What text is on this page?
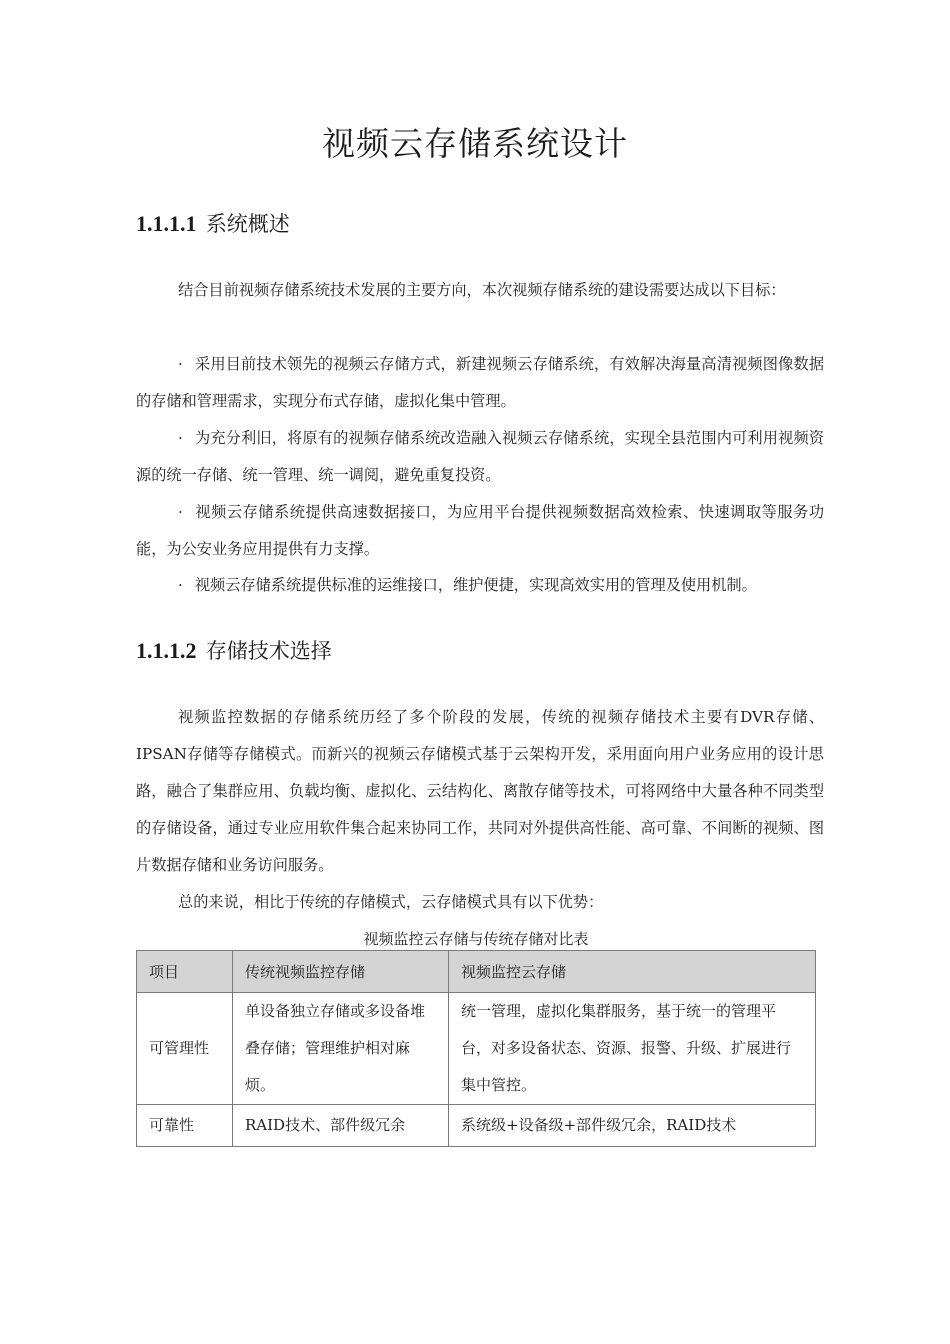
视频云存储系统设计
1.1.1.1 系统概述

结合目前视频存储系统技术发展的主要方向，本次视频存储系统的建设需要达成以下目标：

· 采用目前技术领先的视频云存储方式，新建视频云存储系统，有效解决海量高清视频图像数据的存储和管理需求，实现分布式存储，虚拟化集中管理。

· 为充分利旧，将原有的视频存储系统改造融入视频云存储系统，实现全县范围内可利用视频资源的统一存储、统一管理、统一调阅，避免重复投资。

· 视频云存储系统提供高速数据接口，为应用平台提供视频数据高效检索、快速调取等服务功能，为公安业务应用提供有力支撑。

· 视频云存储系统提供标准的运维接口，维护便捷，实现高效实用的管理及使用机制。

1.1.1.2 存储技术选择

视频监控数据的存储系统历经了多个阶段的发展，传统的视频存储技术主要有DVR存储、IPSAN存储等存储模式。而新兴的视频云存储模式基于云架构开发，采用面向用户业务应用的设计思路，融合了集群应用、负载均衡、虚拟化、云结构化、离散存储等技术，可将网络中大量各种不同类型的存储设备，通过专业应用软件集合起来协同工作，共同对外提供高性能、高可靠、不间断的视频、图片数据存储和业务访问服务。

总的来说，相比于传统的存储模式，云存储模式具有以下优势：

视频监控云存储与传统存储对比表

项目	传统视频监控存储	视频监控云存储
可管理性	单设备独立存储或多设备堆叠存储；管理维护相对麻烦。	统一管理，虚拟化集群服务，基于统一的管理平台，对多设备状态、资源、报警、升级、扩展进行集中管控。
可靠性	RAID技术、部件级冗余	系统级+设备级+部件级冗余，RAID技术
